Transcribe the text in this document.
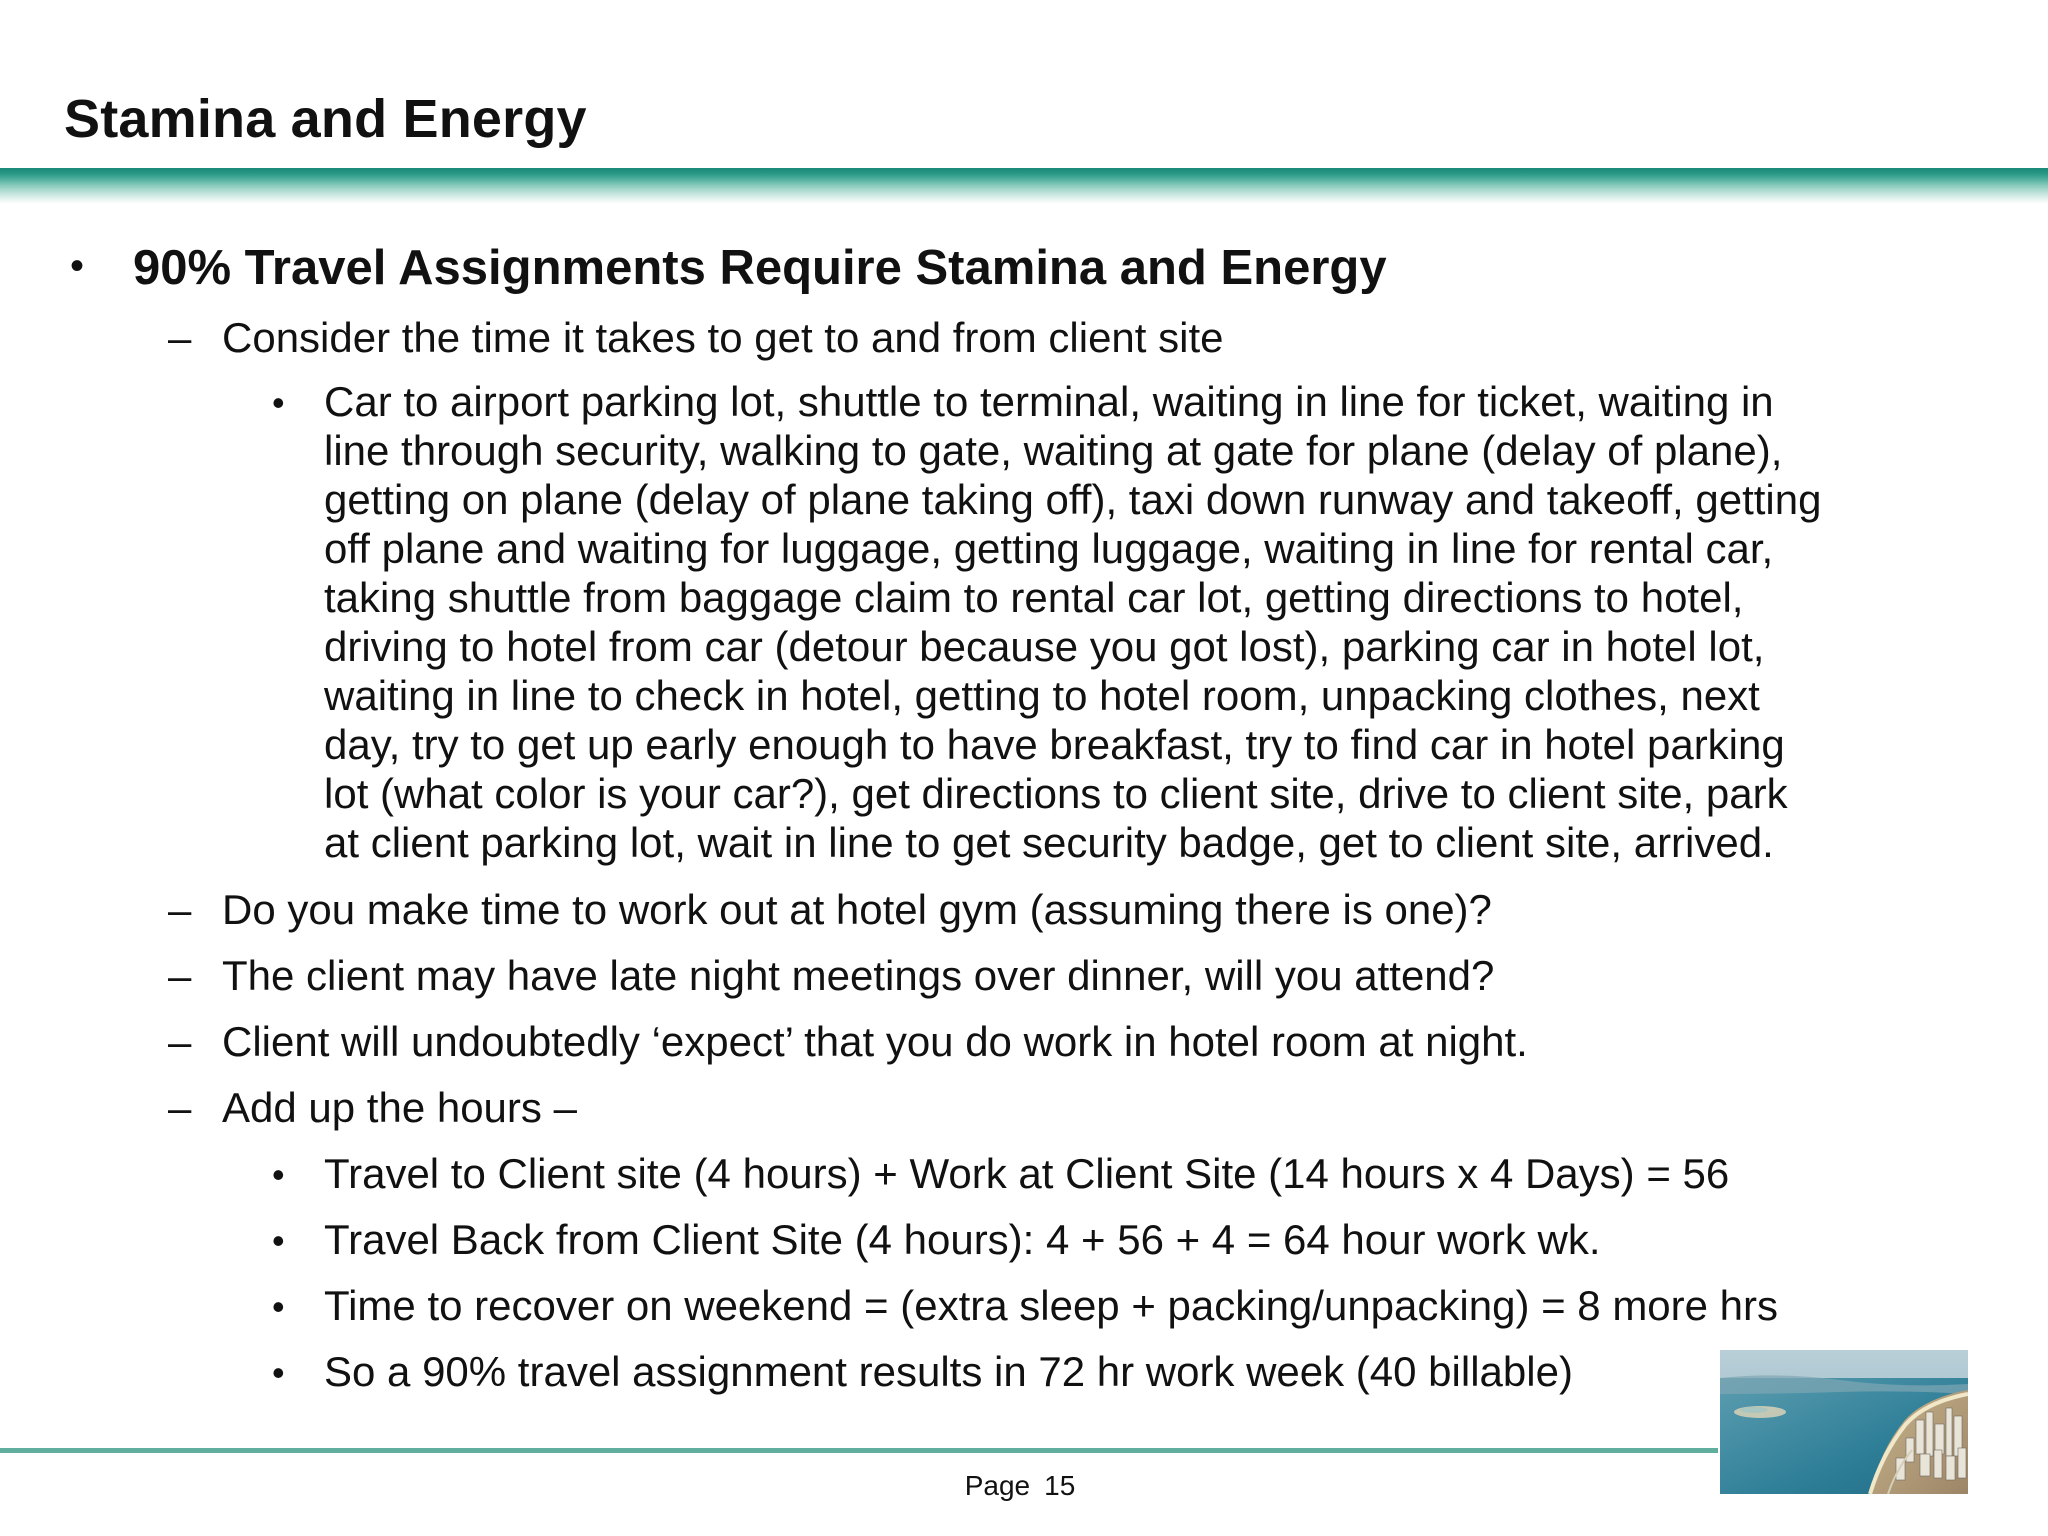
Stamina and Energy
• 90% Travel Assignments Require Stamina and Energy
– Consider the time it takes to get to and from client site
• Car to airport parking lot, shuttle to terminal, waiting in line for ticket, waiting in
line through security, walking to gate, waiting at gate for plane (delay of plane),
getting on plane (delay of plane taking off), taxi down runway and takeoff, getting
off plane and waiting for luggage, getting luggage, waiting in line for rental car,
taking shuttle from baggage claim to rental car lot, getting directions to hotel,
driving to hotel from car (detour because you got lost), parking car in hotel lot,
waiting in line to check in hotel, getting to hotel room, unpacking clothes, next
day, try to get up early enough to have breakfast, try to find car in hotel parking
lot (what color is your car?), get directions to client site, drive to client site, park
at client parking lot, wait in line to get security badge, get to client site, arrived.
– Do you make time to work out at hotel gym (assuming there is one)?
– The client may have late night meetings over dinner, will you attend?
– Client will undoubtedly ‘expect’ that you do work in hotel room at night.
– Add up the hours –
• Travel to Client site (4 hours) + Work at Client Site (14 hours x 4 Days) = 56
• Travel Back from Client Site (4 hours): 4 + 56 + 4 = 64 hour work wk.
• Time to recover on weekend = (extra sleep + packing/unpacking) = 8 more hrs
• So a 90% travel assignment results in 72 hr work week (40 billable)
Page 15
